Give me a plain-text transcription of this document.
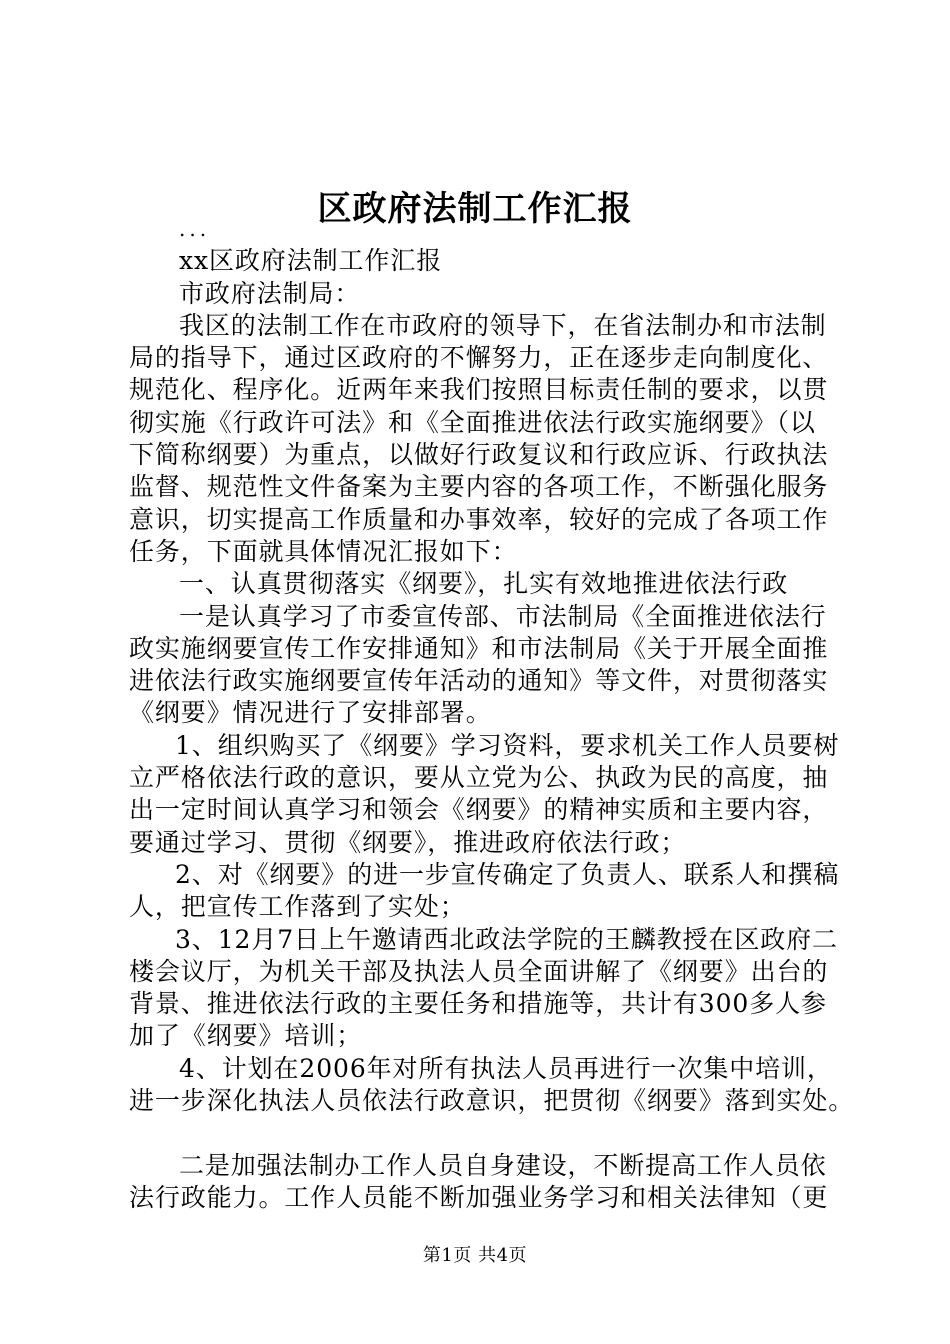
区政府法制工作汇报
...
xx区政府法制工作汇报
市政府法制局：
我区的法制工作在市政府的领导下，在省法制办和市法制
局的指导下，通过区政府的不懈努力，正在逐步走向制度化、
规范化、程序化。近两年来我们按照目标责任制的要求，以贯
彻实施《行政许可法》和《全面推进依法行政实施纲要》（以
下简称纲要）为重点，以做好行政复议和行政应诉、行政执法
监督、规范性文件备案为主要内容的各项工作，不断强化服务
意识，切实提高工作质量和办事效率，较好的完成了各项工作
任务，下面就具体情况汇报如下：
一、认真贯彻落实《纲要》，扎实有效地推进依法行政
一是认真学习了市委宣传部、市法制局《全面推进依法行
政实施纲要宣传工作安排通知》和市法制局《关于开展全面推
进依法行政实施纲要宣传年活动的通知》等文件，对贯彻落实
《纲要》情况进行了安排部署。
1、组织购买了《纲要》学习资料，要求机关工作人员要树
立严格依法行政的意识，要从立党为公、执政为民的高度，抽
出一定时间认真学习和领会《纲要》的精神实质和主要内容，
要通过学习、贯彻《纲要》，推进政府依法行政；
2、对《纲要》的进一步宣传确定了负责人、联系人和撰稿
人，把宣传工作落到了实处；
3、12月7日上午邀请西北政法学院的王麟教授在区政府二
楼会议厅，为机关干部及执法人员全面讲解了《纲要》出台的
背景、推进依法行政的主要任务和措施等，共计有300多人参
加了《纲要》培训；
4、计划在2006年对所有执法人员再进行一次集中培训，
进一步深化执法人员依法行政意识，把贯彻《纲要》落到实处。
二是加强法制办工作人员自身建设，不断提高工作人员依
法行政能力。工作人员能不断加强业务学习和相关法律知（更
第1页 共4页
